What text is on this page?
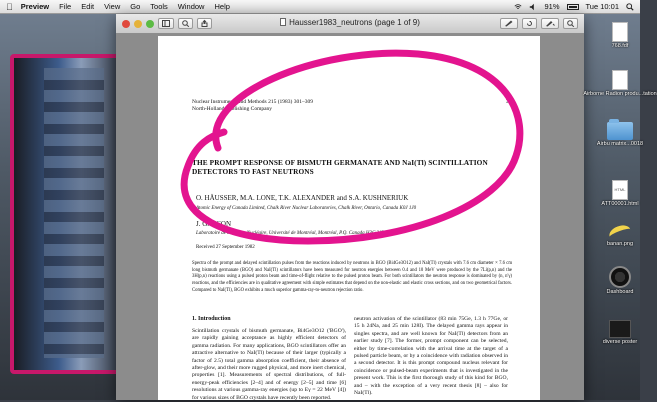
Preview File Edit View Go Tools Window Help	91%	Tue 10:01
Hausser1983_neutrons (page 1 of 9)
Nuclear Instruments and Methods 215 (1983) 301–309
North-Holland Publishing Company
301
THE PROMPT RESPONSE OF BISMUTH GERMANATE AND NaI(Tl) SCINTILLATION DETECTORS TO FAST NEUTRONS
O. HÄUSSER, M.A. LONE, T.K. ALEXANDER and S.A. KUSHNERIUK
Atomic Energy of Canada Limited, Chalk River Nuclear Laboratories, Chalk River, Ontario, Canada K0J 1J0
J. GASCON
Laboratoire de Physique Nucléaire, Université de Montréal, Montréal, P.Q. Canada H3C 3J7
Received 27 September 1982
Spectra of the prompt and delayed scintillation pulses from the reactions induced by neutrons in BGO (Bi4Ge3O12) and NaI(Tl) crystals with 7.6 cm diameter × 7.6 cm long bismuth germanate (BGO) and NaI(Tl) scintillators have been measured for neutron energies between 0.4 and 10 MeV were produced by the 7Li(p,n) and the 3H(p,n) reactions using a pulsed proton beam and time-of-flight relative to the pulsed proton beam. For both scintillators the neutron response is dominated by (n, n'γ) reactions, and the efficiencies are in qualitative agreement with simple estimates that depend on the non-elastic and elastic cross sections, and on two geometrical factors. Compared to NaI(Tl), BGO exhibits a much superior gamma-ray-to-neutron rejection ratio.
1. Introduction
Scintillation crystals of bismuth germanate, Bi4Ge3O12 ('BGO'), are rapidly gaining acceptance as highly efficient detectors of gamma radiation. For many applications, BGO scintillators offer an attractive alternative to NaI(Tl) because of their larger (typically a factor of 2.5) total gamma absorption coefficient, their absence of after-glow, and their more rugged physical, and more inert chemical, properties [1]. Measurements of spectral distributions, of full-energy-peak efficiencies [2–4] and of energy [2–5] and time [6] resolutions at various gamma-ray energies (up to Eγ = 22 MeV [4]) for various sizes of BGO crystals have recently been reported.
neutron activation of the scintillator (83 min 75Ge, 1.3 h 77Ge, or 15 h 24Na, and 25 min 128I). The delayed gamma rays appear in singles spectra, and are well known for NaI(Tl) detectors from an earlier study [7]. The former, prompt component can be selected, either by time-correlation with the arrival time at the target of a pulsed particle beam, or by a coincidence with radiation observed in a second detector. It is this prompt compound nucleus relevant for coincidence or pulsed-beam experiments that is investigated in the present work. This is the first thorough study of this kind for BGO, and – with the exception of a very recent thesis [8] – also for NaI(Tl).
768.fdf
Airborne Radion produ...tation
Airbu matrix...0018
HTML
ATT00001.html
banan.png
Dashboard
diverse poster
